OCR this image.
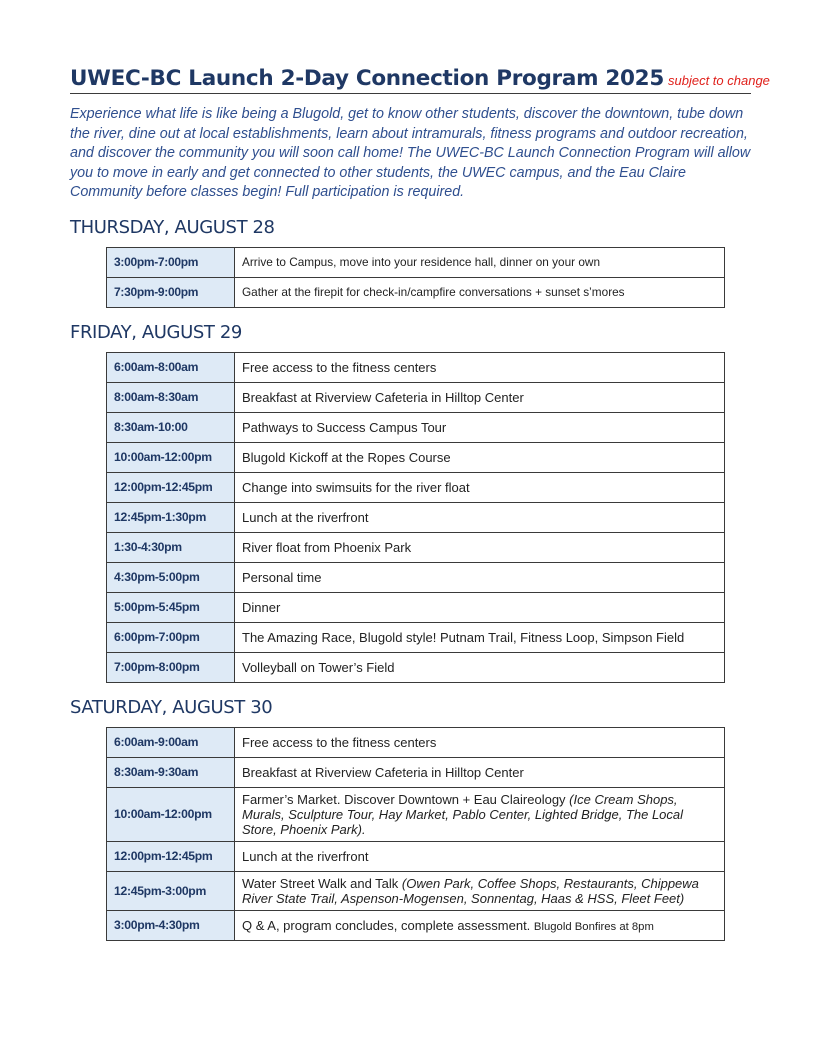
UWEC-BC Launch 2-Day Connection Program 2025 subject to change
Experience what life is like being a Blugold, get to know other students, discover the downtown, tube down the river, dine out at local establishments, learn about intramurals, fitness programs and outdoor recreation, and discover the community you will soon call home! The UWEC-BC Launch Connection Program will allow you to move in early and get connected to other students, the UWEC campus, and the Eau Claire Community before classes begin! Full participation is required.
THURSDAY, AUGUST 28
3:00pm-7:00pm	Arrive to Campus, move into your residence hall, dinner on your own
7:30pm-9:00pm	Gather at the firepit for check-in/campfire conversations + sunset s’mores
FRIDAY, AUGUST 29
6:00am-8:00am	Free access to the fitness centers
8:00am-8:30am	Breakfast at Riverview Cafeteria in Hilltop Center
8:30am-10:00	Pathways to Success Campus Tour
10:00am-12:00pm	Blugold Kickoff at the Ropes Course
12:00pm-12:45pm	Change into swimsuits for the river float
12:45pm-1:30pm	Lunch at the riverfront
1:30-4:30pm	River float from Phoenix Park
4:30pm-5:00pm	Personal time
5:00pm-5:45pm	Dinner
6:00pm-7:00pm	The Amazing Race, Blugold style! Putnam Trail, Fitness Loop, Simpson Field
7:00pm-8:00pm	Volleyball on Tower’s Field
SATURDAY, AUGUST 30
6:00am-9:00am	Free access to the fitness centers
8:30am-9:30am	Breakfast at Riverview Cafeteria in Hilltop Center
10:00am-12:00pm	Farmer’s Market. Discover Downtown + Eau Claireology (Ice Cream Shops, Murals, Sculpture Tour, Hay Market, Pablo Center, Lighted Bridge, The Local Store, Phoenix Park).
12:00pm-12:45pm	Lunch at the riverfront
12:45pm-3:00pm	Water Street Walk and Talk (Owen Park, Coffee Shops, Restaurants, Chippewa River State Trail, Aspenson-Mogensen, Sonnentag, Haas & HSS, Fleet Feet)
3:00pm-4:30pm	Q & A, program concludes, complete assessment. Blugold Bonfires at 8pm
